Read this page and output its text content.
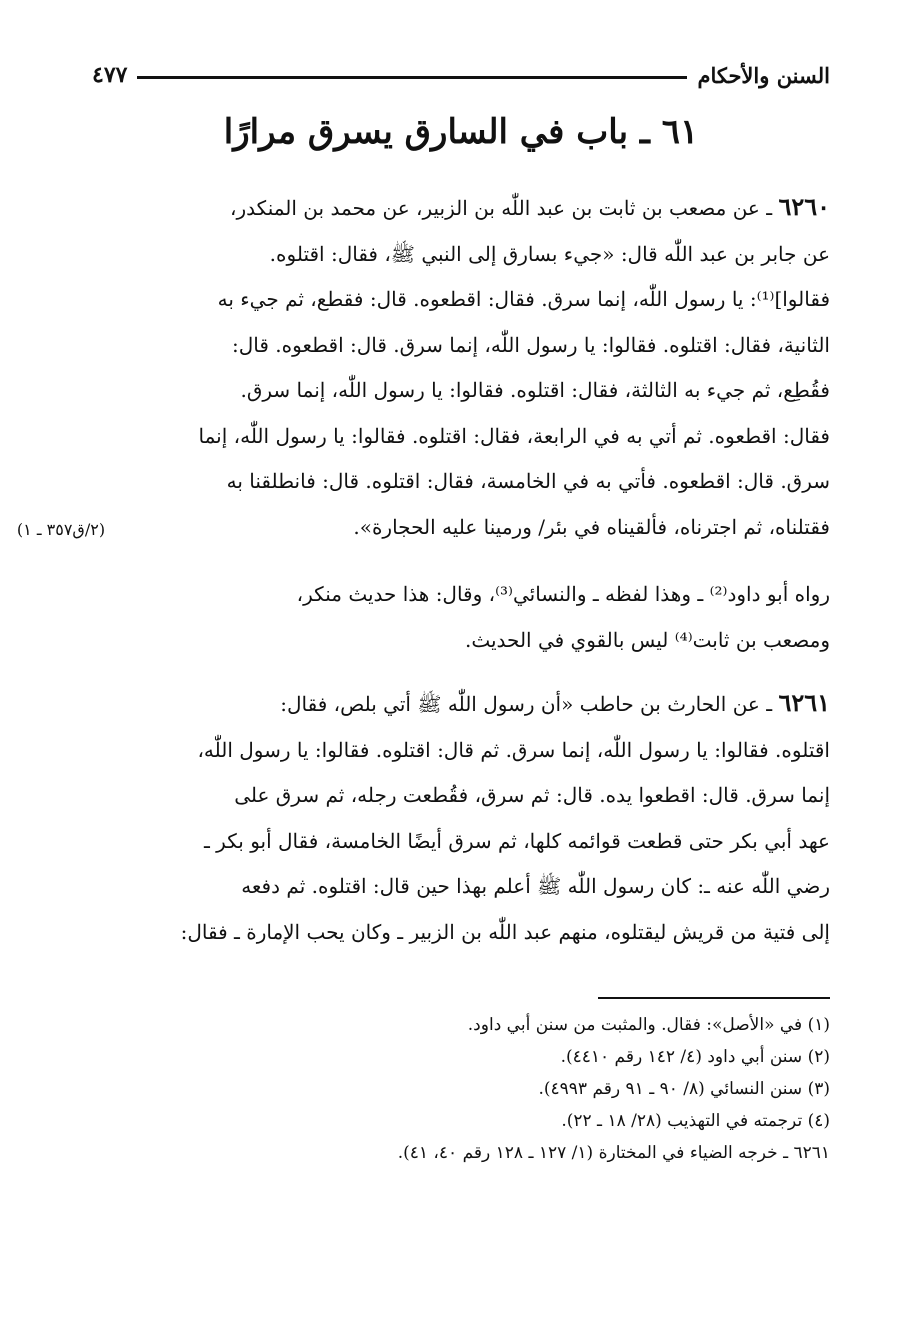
السنن والأحكام
٤٧٧
٦١ ـ باب في السارق يسرق مرارًا
٦٢٦٠ ـ عن مصعب بن ثابت بن عبد اللّٰه بن الزبير، عن محمد بن المنكدر،
عن جابر بن عبد اللّٰه قال: «جيء بسارق إلى النبي ﷺ، فقال: اقتلوه.
فقالوا]⁽¹⁾: يا رسول اللّٰه، إنما سرق. فقال: اقطعوه. قال: فقطع، ثم جيء به
الثانية، فقال: اقتلوه. فقالوا: يا رسول اللّٰه، إنما سرق. قال: اقطعوه. قال:
فقُطِع، ثم جيء به الثالثة، فقال: اقتلوه. فقالوا: يا رسول اللّٰه، إنما سرق.
فقال: اقطعوه. ثم أتي به في الرابعة، فقال: اقتلوه. فقالوا: يا رسول اللّٰه، إنما
سرق. قال: اقطعوه. فأتي به في الخامسة، فقال: اقتلوه. قال: فانطلقنا به
فقتلناه، ثم اجترناه، فألقيناه في بئر/ ورمينا عليه الحجارة».
(٢/ق٣٥٧ ـ ١)
رواه أبو داود⁽²⁾ ـ وهذا لفظه ـ والنسائي⁽³⁾، وقال: هذا حديث منكر،
ومصعب بن ثابت⁽⁴⁾ ليس بالقوي في الحديث.
٦٢٦١ ـ عن الحارث بن حاطب «أن رسول اللّٰه ﷺ أتي بلص، فقال:
اقتلوه. فقالوا: يا رسول اللّٰه، إنما سرق. ثم قال: اقتلوه. فقالوا: يا رسول اللّٰه،
إنما سرق. قال: اقطعوا يده. قال: ثم سرق، فقُطعت رجله، ثم سرق على
عهد أبي بكر حتى قطعت قوائمه كلها، ثم سرق أيضًا الخامسة، فقال أبو بكر ـ
رضي اللّٰه عنه ـ: كان رسول اللّٰه ﷺ أعلم بهذا حين قال: اقتلوه. ثم دفعه
إلى فتية من قريش ليقتلوه، منهم عبد اللّٰه بن الزبير ـ وكان يحب الإمارة ـ فقال:
(١) في «الأصل»: فقال. والمثبت من سنن أبي داود.
(٢) سنن أبي داود (٤/ ١٤٢ رقم ٤٤١٠).
(٣) سنن النسائي (٨/ ٩٠ ـ ٩١ رقم ٤٩٩٣).
(٤) ترجمته في التهذيب (٢٨/ ١٨ ـ ٢٢).
٦٢٦١ ـ خرجه الضياء في المختارة (١/ ١٢٧ ـ ١٢٨ رقم ٤٠، ٤١).
